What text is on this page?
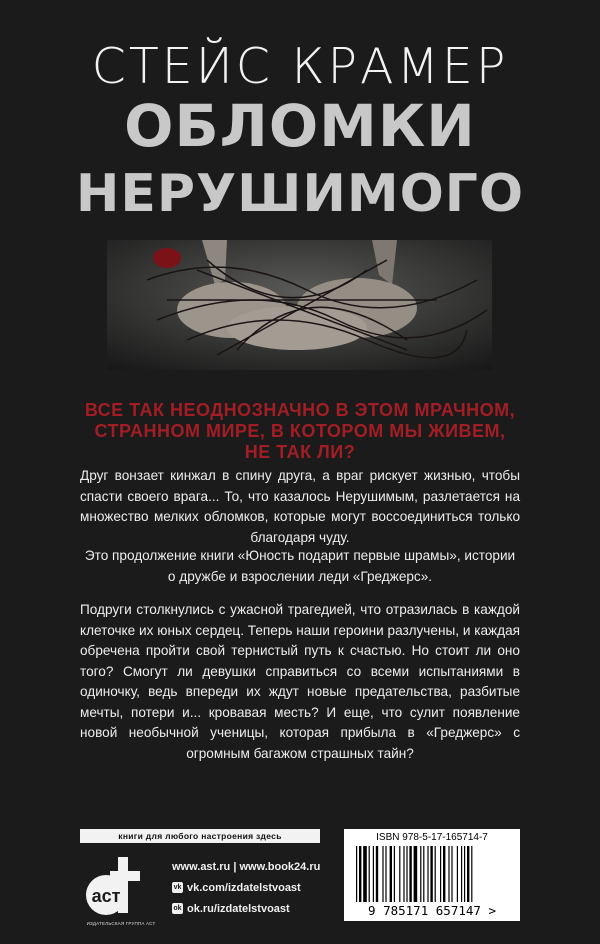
СТЕЙС КРАМЕР
ОБЛОМКИ
НЕРУШИМОГО
ВСЕ ТАК НЕОДНОЗНАЧНО В ЭТОМ МРАЧНОМ, СТРАННОМ МИРЕ, В КОТОРОМ МЫ ЖИВЕМ, НЕ ТАК ЛИ?
Друг вонзает кинжал в спину друга, а враг рискует жизнью, чтобы спасти своего врага... То, что казалось Нерушимым, разлетается на множество мелких обломков, которые могут воссоединиться только благодаря чуду.
Это продолжение книги «Юность подарит первые шрамы», истории о дружбе и взрослении леди «Греджерс».
Подруги столкнулись с ужасной трагедией, что отразилась в каждой клеточке их юных сердец. Теперь наши героини разлучены, и каждая обречена пройти свой тернистый путь к счастью. Но стоит ли оно того? Смогут ли девушки справиться со всеми испытаниями в одиночку, ведь впереди их ждут новые предательства, разбитые мечты, потери и... кровавая месть? И еще, что сулит появление новой необычной ученицы, которая прибыла в «Греджерс» с огромным багажом страшных тайн?
книги для любого настроения здесь
аст
ИЗДАТЕЛЬСКАЯ ГРУППА АСТ
www.ast.ru | www.book24.ru
vk vk.com/izdatelstvoast
ok ok.ru/izdatelstvoast
ISBN 978-5-17-165714-7
9 785171 657147 >
